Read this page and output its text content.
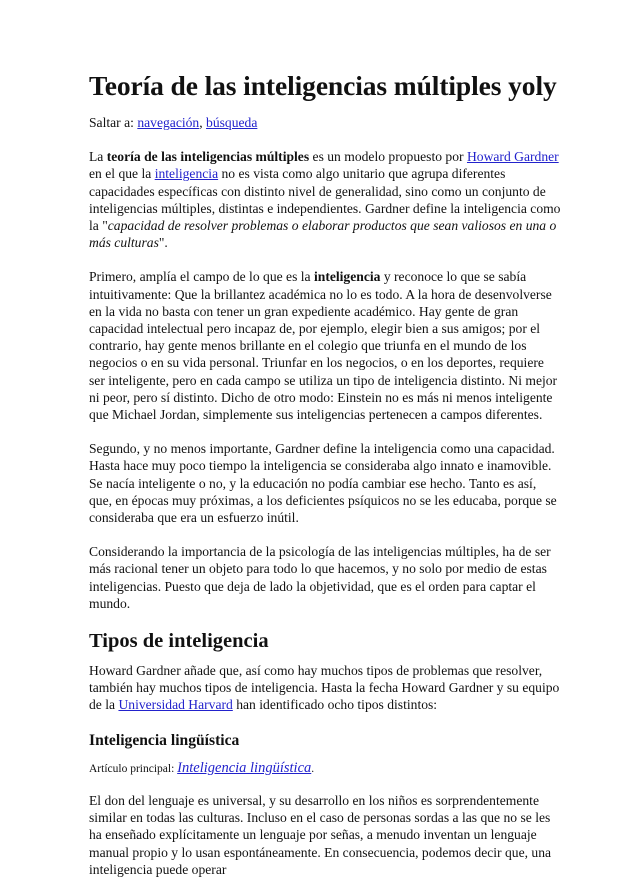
Teoría de las inteligencias múltiples yoly

Saltar a: navegación, búsqueda

La teoría de las inteligencias múltiples es un modelo propuesto por Howard Gardner en el que la inteligencia no es vista como algo unitario que agrupa diferentes capacidades específicas con distinto nivel de generalidad, sino como un conjunto de inteligencias múltiples, distintas e independientes. Gardner define la inteligencia como la "capacidad de resolver problemas o elaborar productos que sean valiosos en una o más culturas".

Primero, amplía el campo de lo que es la inteligencia y reconoce lo que se sabía intuitivamente: Que la brillantez académica no lo es todo. A la hora de desenvolverse en la vida no basta con tener un gran expediente académico. Hay gente de gran capacidad intelectual pero incapaz de, por ejemplo, elegir bien a sus amigos; por el contrario, hay gente menos brillante en el colegio que triunfa en el mundo de los negocios o en su vida personal. Triunfar en los negocios, o en los deportes, requiere ser inteligente, pero en cada campo se utiliza un tipo de inteligencia distinto. Ni mejor ni peor, pero sí distinto. Dicho de otro modo: Einstein no es más ni menos inteligente que Michael Jordan, simplemente sus inteligencias pertenecen a campos diferentes.

Segundo, y no menos importante, Gardner define la inteligencia como una capacidad. Hasta hace muy poco tiempo la inteligencia se consideraba algo innato e inamovible. Se nacía inteligente o no, y la educación no podía cambiar ese hecho. Tanto es así, que, en épocas muy próximas, a los deficientes psíquicos no se les educaba, porque se consideraba que era un esfuerzo inútil.

Considerando la importancia de la psicología de las inteligencias múltiples, ha de ser más racional tener un objeto para todo lo que hacemos, y no solo por medio de estas inteligencias. Puesto que deja de lado la objetividad, que es el orden para captar el mundo.

Tipos de inteligencia

Howard Gardner añade que, así como hay muchos tipos de problemas que resolver, también hay muchos tipos de inteligencia. Hasta la fecha Howard Gardner y su equipo de la Universidad Harvard han identificado ocho tipos distintos:

Inteligencia lingüística

Artículo principal: Inteligencia lingüística.

El don del lenguaje es universal, y su desarrollo en los niños es sorprendentemente similar en todas las culturas. Incluso en el caso de personas sordas a las que no se les ha enseñado explícitamente un lenguaje por señas, a menudo inventan un lenguaje manual propio y lo usan espontáneamente. En consecuencia, podemos decir que, una inteligencia puede operar
